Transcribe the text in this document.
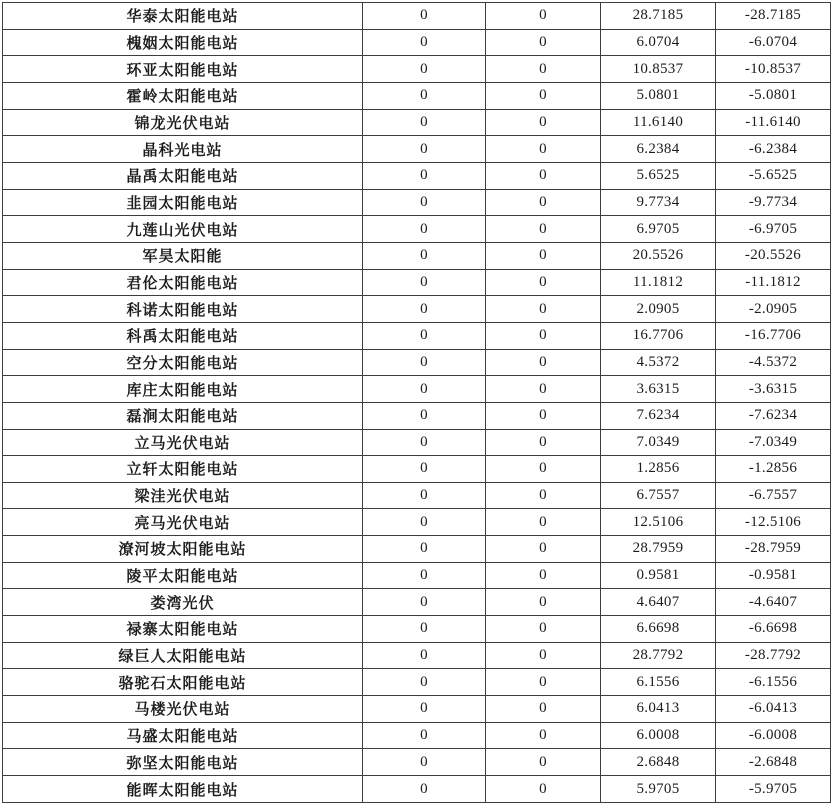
华泰太阳能电站	0	0	28.7185	-28.7185
槐姻太阳能电站	0	0	6.0704	-6.0704
环亚太阳能电站	0	0	10.8537	-10.8537
霍岭太阳能电站	0	0	5.0801	-5.0801
锦龙光伏电站	0	0	11.6140	-11.6140
晶科光电站	0	0	6.2384	-6.2384
晶禹太阳能电站	0	0	5.6525	-5.6525
韭园太阳能电站	0	0	9.7734	-9.7734
九莲山光伏电站	0	0	6.9705	-6.9705
军昊太阳能	0	0	20.5526	-20.5526
君伦太阳能电站	0	0	11.1812	-11.1812
科诺太阳能电站	0	0	2.0905	-2.0905
科禹太阳能电站	0	0	16.7706	-16.7706
空分太阳能电站	0	0	4.5372	-4.5372
库庄太阳能电站	0	0	3.6315	-3.6315
磊涧太阳能电站	0	0	7.6234	-7.6234
立马光伏电站	0	0	7.0349	-7.0349
立轩太阳能电站	0	0	1.2856	-1.2856
梁洼光伏电站	0	0	6.7557	-6.7557
亮马光伏电站	0	0	12.5106	-12.5106
潦河坡太阳能电站	0	0	28.7959	-28.7959
陵平太阳能电站	0	0	0.9581	-0.9581
娄湾光伏	0	0	4.6407	-4.6407
禄寨太阳能电站	0	0	6.6698	-6.6698
绿巨人太阳能电站	0	0	28.7792	-28.7792
骆驼石太阳能电站	0	0	6.1556	-6.1556
马楼光伏电站	0	0	6.0413	-6.0413
马盛太阳能电站	0	0	6.0008	-6.0008
弥坚太阳能电站	0	0	2.6848	-2.6848
能晖太阳能电站	0	0	5.9705	-5.9705
